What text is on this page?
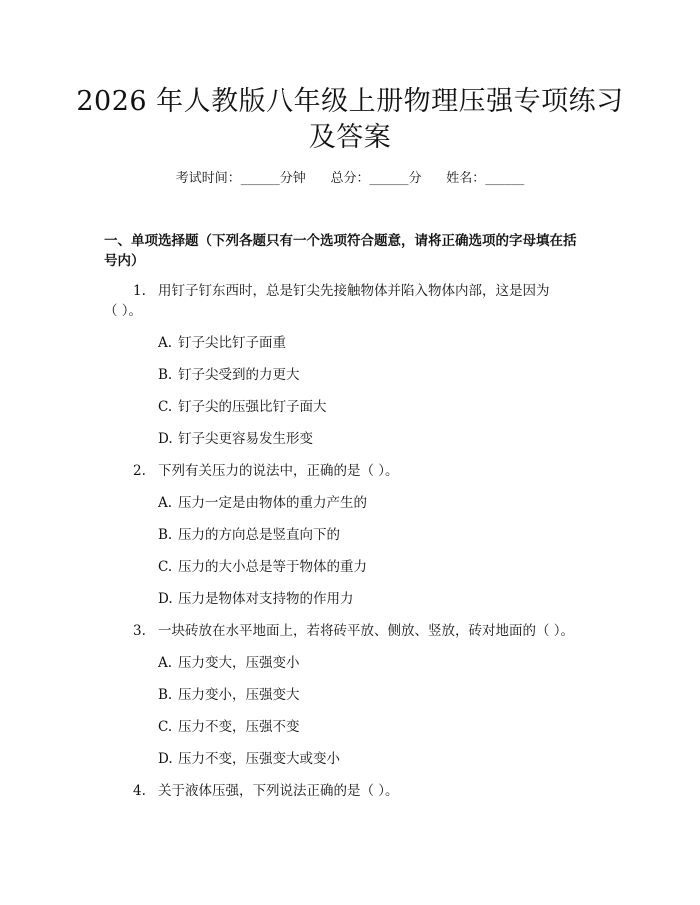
2026 年人教版八年级上册物理压强专项练习
及答案
考试时间：______分钟      总分：______分      姓名：______
一、单项选择题（下列各题只有一个选项符合题意，请将正确选项的字母填在括
号内）
1. 用钉子钉东西时，总是钉尖先接触物体并陷入物体内部，这是因为
（ ）。
A. 钉子尖比钉子面重
B. 钉子尖受到的力更大
C. 钉子尖的压强比钉子面大
D. 钉子尖更容易发生形变
2. 下列有关压力的说法中，正确的是（ ）。
A. 压力一定是由物体的重力产生的
B. 压力的方向总是竖直向下的
C. 压力的大小总是等于物体的重力
D. 压力是物体对支持物的作用力
3. 一块砖放在水平地面上，若将砖平放、侧放、竖放，砖对地面的（ ）。
A. 压力变大，压强变小
B. 压力变小，压强变大
C. 压力不变，压强不变
D. 压力不变，压强变大或变小
4. 关于液体压强，下列说法正确的是（ ）。
